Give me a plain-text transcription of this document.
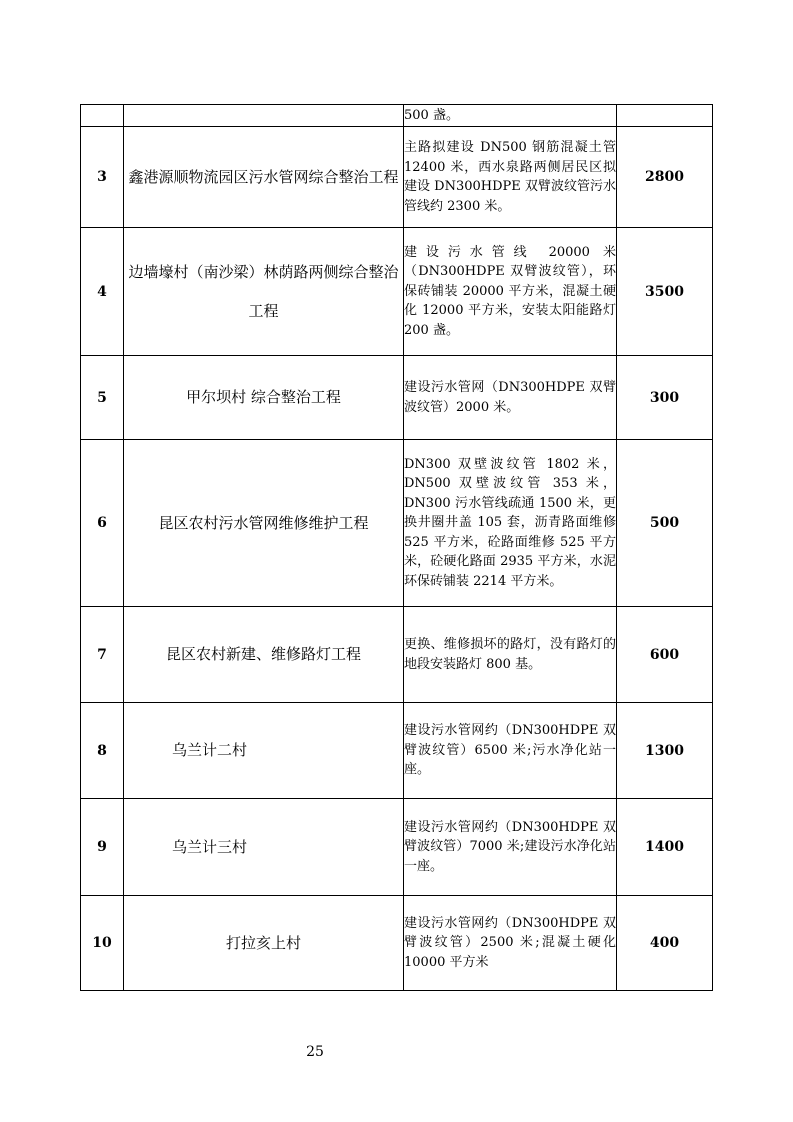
		500 盏。	
3	鑫港源顺物流园区污水管网综合整治工程	主路拟建设 DN500 钢筋混凝土管 12400 米，西水泉路两侧居民区拟建设 DN300HDPE 双臂波纹管污水管线约 2300 米。	2800
4	边墙壕村（南沙梁）林荫路两侧综合整治工程	建设污水管线 20000 米（DN300HDPE 双臂波纹管），环保砖铺装 20000 平方米，混凝土硬化 12000 平方米，安装太阳能路灯 200 盏。	3500
5	甲尔坝村 综合整治工程	建设污水管网（DN300HDPE 双臂波纹管）2000 米。	300
6	昆区农村污水管网维修维护工程	DN300 双壁波纹管 1802 米，DN500 双壁波纹管 353 米，DN300 污水管线疏通 1500 米，更换井圈井盖 105 套，沥青路面维修 525 平方米，砼路面维修 525 平方米，砼硬化路面 2935 平方米，水泥环保砖铺装 2214 平方米。	500
7	昆区农村新建、维修路灯工程	更换、维修损坏的路灯，没有路灯的地段安装路灯 800 基。	600
8	乌兰计二村	建设污水管网约（DN300HDPE 双臂波纹管）6500 米;污水净化站一座。	1300
9	乌兰计三村	建设污水管网约（DN300HDPE 双臂波纹管）7000 米;建设污水净化站一座。	1400
10	打拉亥上村	建设污水管网约（DN300HDPE 双臂波纹管）2500 米;混凝土硬化 10000 平方米	400
25
